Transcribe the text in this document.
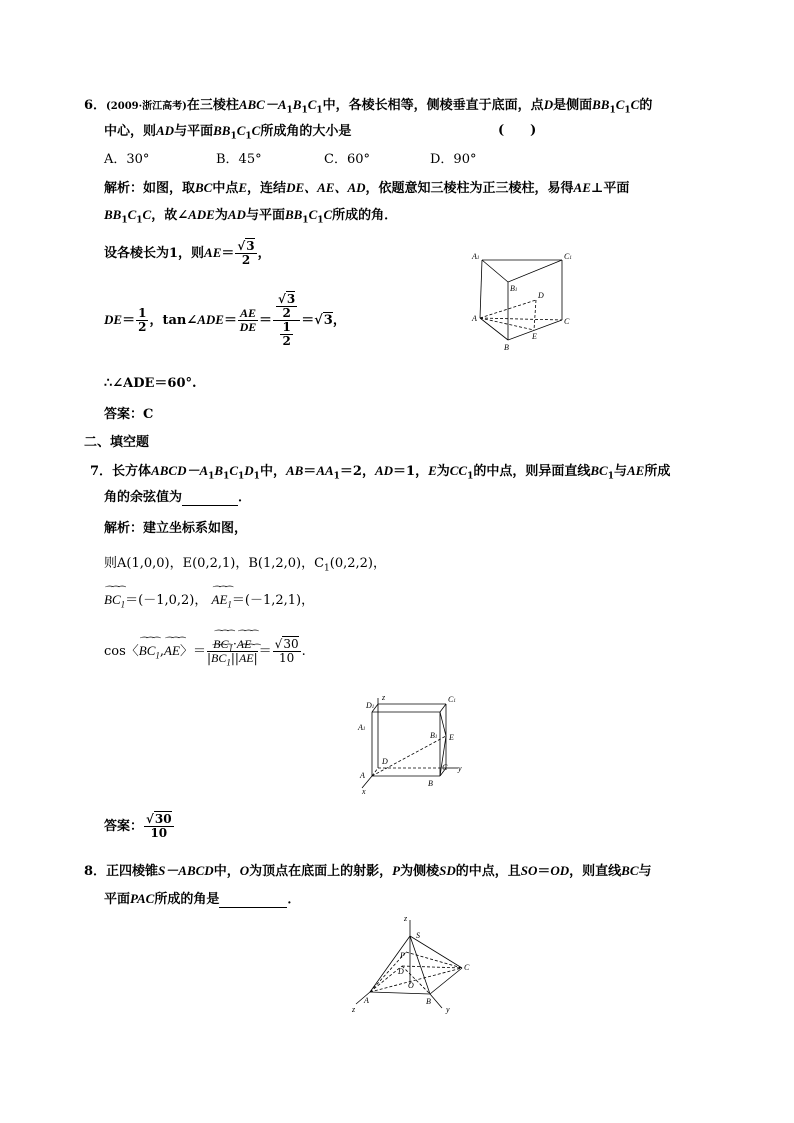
6．(2009·浙江高考)在三棱柱$ABC-A_1B_1C_1$中，各棱长相等，侧棱垂直于底面，点D是侧面$BB_1C_1C$的
中心，则AD与平面$BB_1C_1C$所成角的大小是	(　　)
A．30°	B．45°	C．60°	D．90°
解析：如图，取BC中点E，连结DE、AE、AD，依题意知三棱柱为正三棱柱，易得AE⊥平面
$BB_1C_1C$，故∠ADE为AD与平面$BB_1C_1C$所成的角．
设各棱长为1，则$AE= \frac{√3}{2}$ ，
$DE= \frac{1}{2}$ ，tan∠ADE＝ $\frac{AE}{DE} = \frac{\frac{√3}{2}}{\frac{1}{2}} =√3$，
∴∠ADE＝60°.
答案：C
A1	C1
B1
D
A	C
E
B
二、填空题
7．长方体$ABCD-A_1B_1C_1D_1$中，$AB=AA_1=2$，AD＝1，E为$CC_1$的中点，则异面直线$BC_1$与AE所成
角的余弦值为	．
解析：建立坐标系如图，
则A(1,0,0)，E(0,2,1)，B(1,2,0)，$C_1(0,2,2)$，
⁀⁀⁀ $BC_1=(-1,0,2)$， ⁀⁀⁀ $AE_1=(-1,2,1)$，
cos〈⁀⁀⁀ $BC_1,⁀⁀⁀$ AE〉＝ ⁀⁀⁀ $\frac{BC_1\cdot⁀⁀⁀ AE}{|⁀⁀⁀ BC_1||⁀⁀⁀ AE|} = \frac{√30}{10}$ .
z
D1
C1
A1
B1 E
D
y
A
C
B
x
答案： $\frac{√30}{10}$
8．正四棱锥S－ABCD中，O为顶点在底面上的射影，P为侧棱SD的中点，且SO＝OD，则直线BC与
平面PAC所成的角是	．
z
S
P
D	C
O
A	B
z	y
